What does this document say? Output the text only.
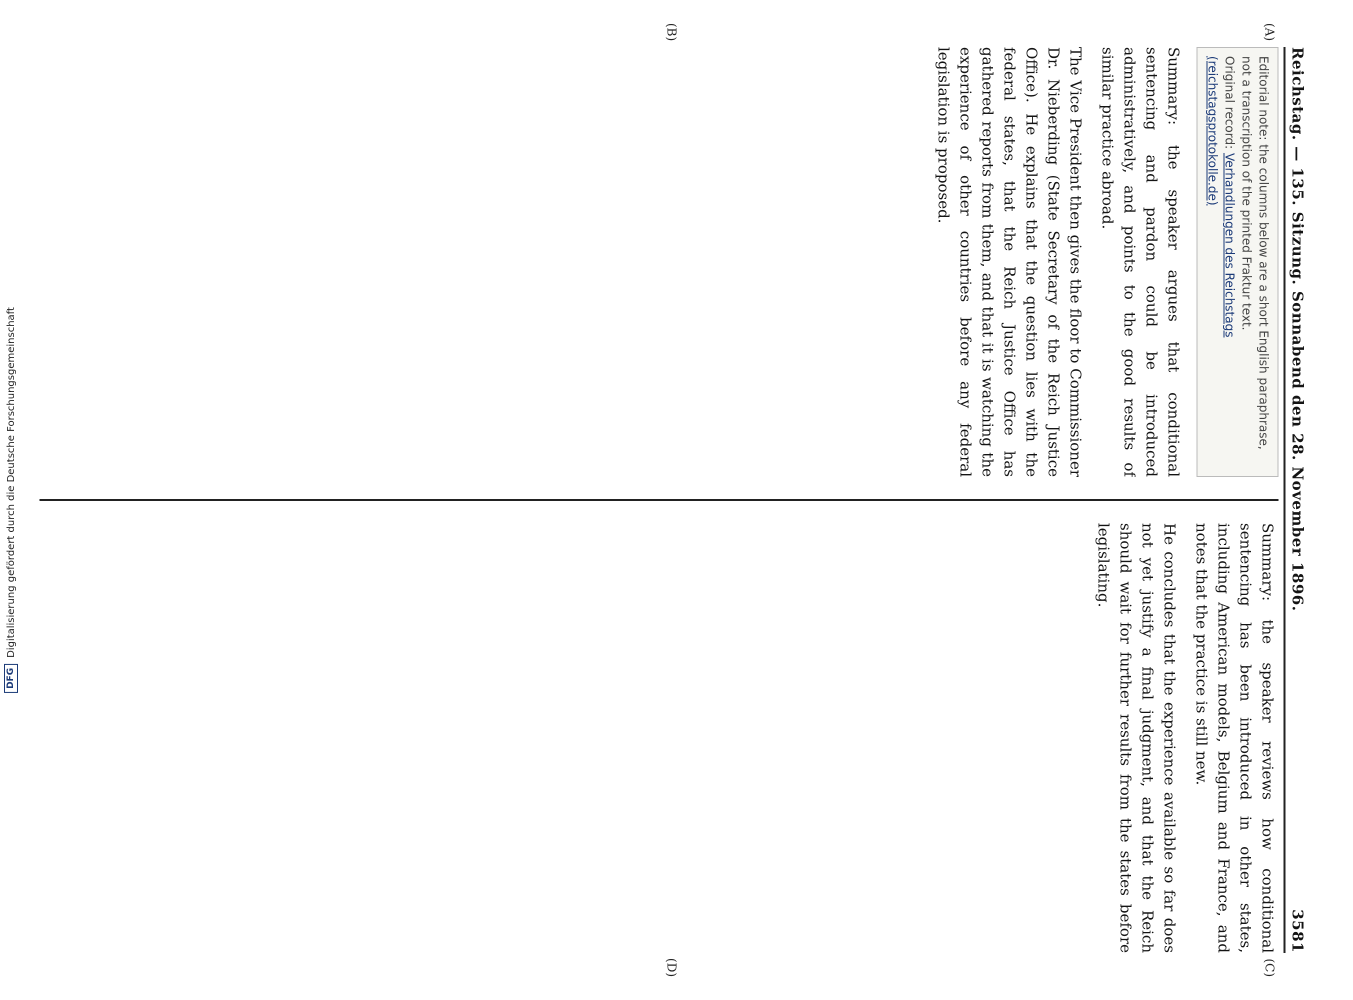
DFG
Digitalisierung gefördert durch die Deutsche Forschungsgemeinschaft	Reichstag. — 135. Sitzung. Sonnabend den 28. November 1896.
3581
(A)
(B)
(C)
(D)
Editorial note: the columns below are a short English paraphrase, not a transcription of the printed Fraktur text.
Original record: Verhandlungen des Reichstags (reichstagsprotokolle.de)

Summary: the speaker argues that conditional sentencing and pardon could be introduced administratively, and points to the good results of similar practice abroad.

The Vice President then gives the floor to Commissioner Dr. Nieberding (State Secretary of the Reich Justice Office). He explains that the question lies with the federal states, that the Reich Justice Office has gathered reports from them, and that it is watching the experience of other countries before any federal legislation is proposed.

Summary: the speaker reviews how conditional sentencing has been introduced in other states, including American models, Belgium and France, and notes that the practice is still new.

He concludes that the experience available so far does not yet justify a final judgment, and that the Reich should wait for further results from the states before legislating.
